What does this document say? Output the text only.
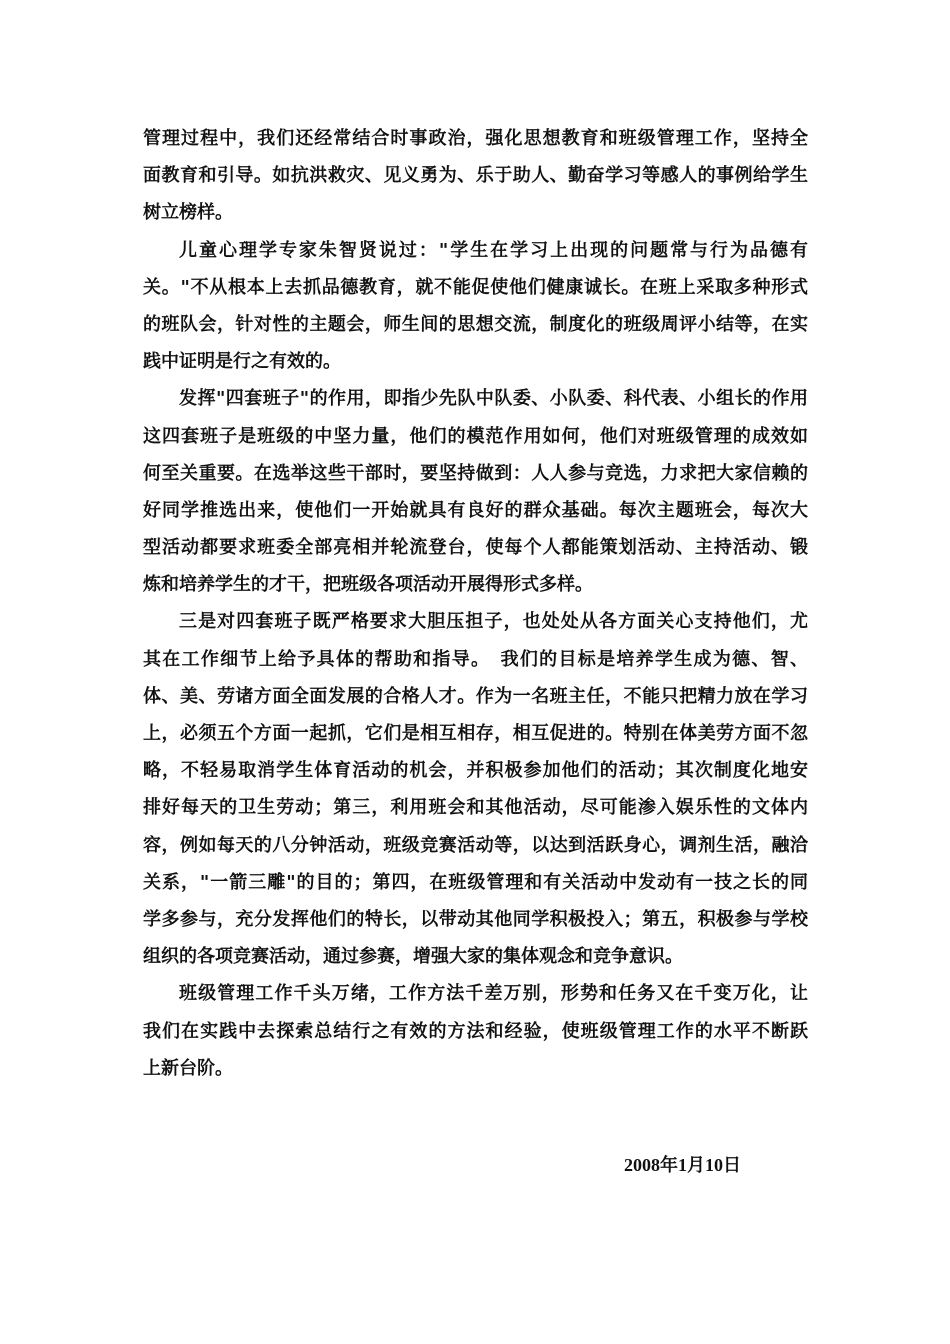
管理过程中，我们还经常结合时事政治，强化思想教育和班级管理工作，坚持全
面教育和引导。如抗洪救灾、见义勇为、乐于助人、勤奋学习等感人的事例给学生
树立榜样。
儿童心理学专家朱智贤说过："学生在学习上出现的问题常与行为品德有
关。"不从根本上去抓品德教育，就不能促使他们健康诚长。在班上采取多种形式
的班队会，针对性的主题会，师生间的思想交流，制度化的班级周评小结等，在实
践中证明是行之有效的。
发挥"四套班子"的作用，即指少先队中队委、小队委、科代表、小组长的作用
这四套班子是班级的中坚力量，他们的模范作用如何，他们对班级管理的成效如
何至关重要。在选举这些干部时，要坚持做到：人人参与竞选，力求把大家信赖的
好同学推选出来，使他们一开始就具有良好的群众基础。每次主题班会，每次大
型活动都要求班委全部亮相并轮流登台，使每个人都能策划活动、主持活动、锻
炼和培养学生的才干，把班级各项活动开展得形式多样。
三是对四套班子既严格要求大胆压担子，也处处从各方面关心支持他们，尤
其在工作细节上给予具体的帮助和指导。　我们的目标是培养学生成为德、智、
体、美、劳诸方面全面发展的合格人才。作为一名班主任，不能只把精力放在学习
上，必须五个方面一起抓，它们是相互相存，相互促进的。特别在体美劳方面不忽
略，不轻易取消学生体育活动的机会，并积极参加他们的活动；其次制度化地安
排好每天的卫生劳动；第三，利用班会和其他活动，尽可能渗入娱乐性的文体内
容，例如每天的八分钟活动，班级竞赛活动等，以达到活跃身心，调剂生活，融洽
关系，"一箭三雕"的目的；第四，在班级管理和有关活动中发动有一技之长的同
学多参与，充分发挥他们的特长，以带动其他同学积极投入；第五，积极参与学校
组织的各项竞赛活动，通过参赛，增强大家的集体观念和竞争意识。
班级管理工作千头万绪，工作方法千差万别，形势和任务又在千变万化，让
我们在实践中去探索总结行之有效的方法和经验，使班级管理工作的水平不断跃
上新台阶。
2008年1月10日
